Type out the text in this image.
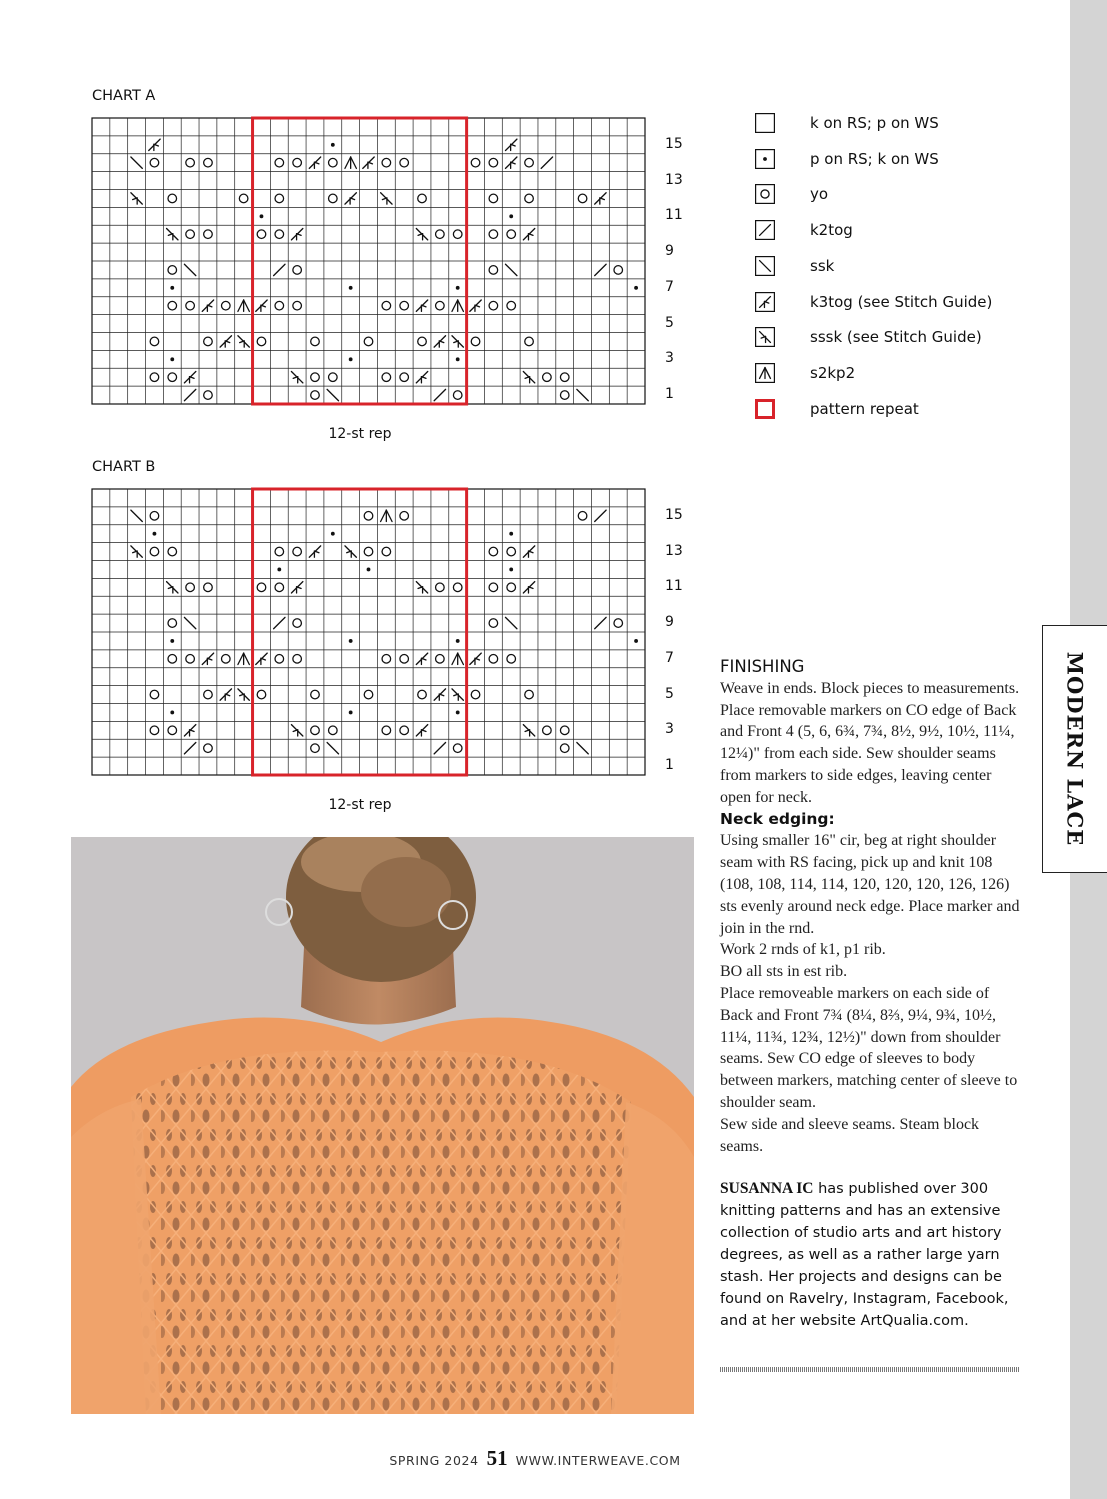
MODERN LACE
CHART A
15
13
11
9
7
5
3
1
12-st rep
CHART B
15
13
11
9
7
5
3
1
12-st rep
k on RS; p on WS
p on RS; k on WS
yo
k2tog
ssk
k3tog (see Stitch Guide)
sssk (see Stitch Guide)
s2kp2
pattern repeat

FINISHING

Weave in ends. Block pieces to measurements.

Place removable markers on CO edge of Back and Front 4 (5, 6, 6¾, 7¾, 8½, 9½, 10½, 11¼, 12¼)" from each side. Sew shoulder seams from markers to side edges, leaving center open for neck.

Neck edging:

Using smaller 16" cir, beg at right shoulder seam with RS facing, pick up and knit 108 (108, 108, 114, 114, 120, 120, 120, 126, 126) sts evenly around neck edge. Place marker and join in the rnd.

Work 2 rnds of k1, p1 rib.

BO all sts in est rib.

Place removeable markers on each side of Back and Front 7¾ (8¼, 8⅔, 9¼, 9¾, 10½, 11¼, 11¾, 12¾, 12½)" down from shoulder seams. Sew CO edge of sleeves to body between markers, matching center of sleeve to shoulder seam.

Sew side and sleeve seams. Steam block seams.

SUSANNA IC has published over 300 knitting patterns and has an extensive collection of studio arts and art history degrees, as well as a rather large yarn stash. Her projects and designs can be found on Ravelry, Instagram, Facebook, and at her website ArtQualia.com.

SPRING 2024 51 WWW.INTERWEAVE.COM
